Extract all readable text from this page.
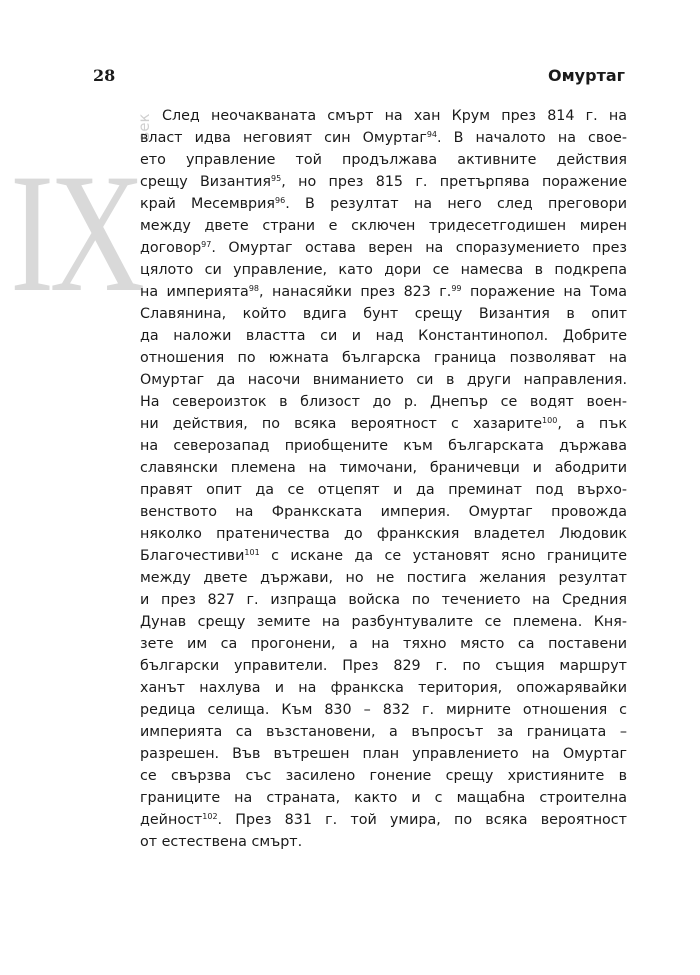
28	Омуртаг
IX
век След неочакваната смърт на хан Крум през 814 г. на
власт идва неговият син Омуртаг$^{94}$. В началото на свое-
ето управление той продължава активните действия
срещу Византия$^{95}$, но през 815 г. претърпява поражение
край Месемврия$^{96}$. В резултат на него след преговори
между двете страни е сключен тридесетгодишен мирен
договор$^{97}$. Омуртаг остава верен на споразумението през
цялото си управление, като дори се намесва в подкрепа
на империята$^{98}$, нанасяйки през 823 г.$^{99}$ поражение на Тома
Славянина, който вдига бунт срещу Византия в опит
да наложи властта си и над Константинопол. Добрите
отношения по южната българска граница позволяват на
Омуртаг да насочи вниманието си в други направления.
На североизток в близост до р. Днепър се водят воен-
ни действия, по всяка вероятност с хазарите$^{100}$, а пък
на северозапад приобщените към българската държава
славянски племена на тимочани, браничевци и абодрити
правят опит да се отцепят и да преминат под върхо-
венството на Франкската империя. Омуртаг провожда
няколко пратеничества до франкския владетел Людовик
Благочестиви$^{101}$ с искане да се установят ясно границите
между двете държави, но не постига желания резултат
и през 827 г. изпраща войска по течението на Средния
Дунав срещу земите на разбунтувалите се племена. Кня-
зете им са прогонени, а на тяхно място са поставени
български управители. През 829 г. по същия маршрут
ханът нахлува и на франкска територия, опожарявайки
редица селища. Към 830 – 832 г. мирните отношения с
империята са възстановени, а въпросът за границата –
разрешен. Във вътрешен план управлението на Омуртаг
се свързва със засилено гонение срещу християните в
границите на страната, както и с мащабна строителна
дейност$^{102}$. През 831 г. той умира, по всяка вероятност
от естествена смърт.
